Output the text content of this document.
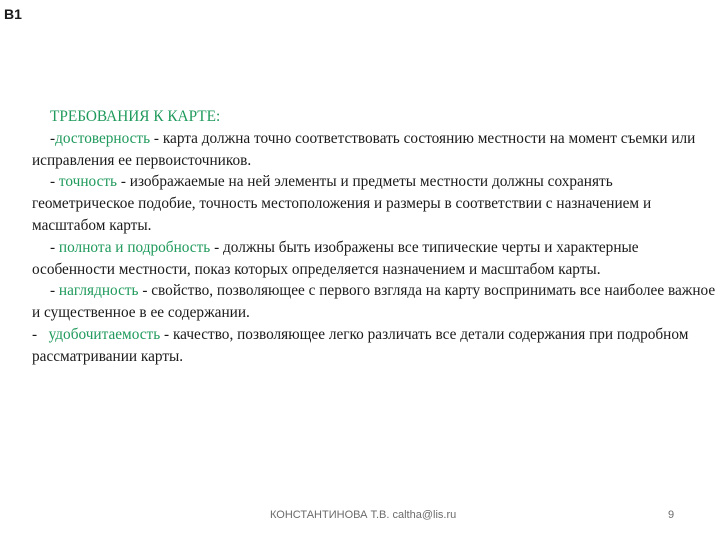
B1
ТРЕБОВАНИЯ К КАРТЕ:
-достоверность - карта должна точно соответствовать состоянию местности на момент съемки или исправления ее первоисточников.
- точность - изображаемые на ней элементы и предметы местности должны сохранять геометрическое подобие, точность местоположения и размеры в соответствии с назначением и масштабом карты.
- полнота и подробность - должны быть изображены все типические черты и характерные особенности местности, показ которых определяется назначением и масштабом карты.
- наглядность - свойство, позволяющее с первого взгляда на карту воспринимать все наиболее важное и существенное в ее содержании.
-   удобочитаемость - качество, позволяющее легко различать все детали содержания при подробном рассматривании карты.
КОНСТАНТИНОВА Т.В. caltha@lis.ru	9
